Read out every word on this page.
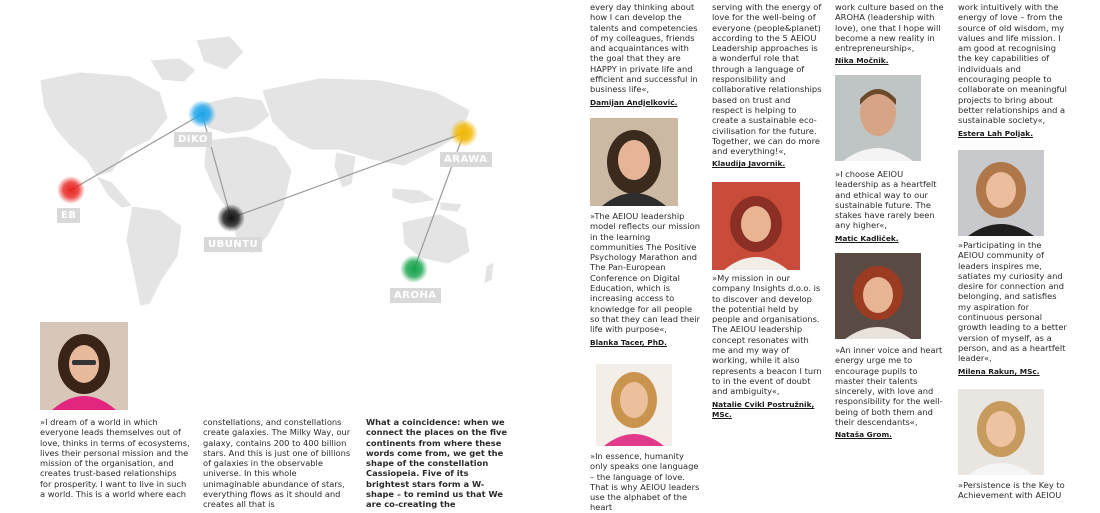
EB
DIKO
UBUNTU
ARAWA
AROHA

»I dream of a world in which everyone leads themselves out of love, thinks in terms of ecosystems, lives their personal mission and the mission of the organisation, and creates trust-based relationships for prosperity. I want to live in such a world. This is a world where each

constellations, and constellations create galaxies. The Milky Way, our galaxy, contains 200 to 400 billion stars. And this is just one of billions of galaxies in the observable universe. In this whole unimaginable abundance of stars, everything flows as it should and creates all that is

What a coincidence: when we connect the places on the five continents from where these words come from, we get the shape of the constellation Cassiopeia. Five of its brightest stars form a W-shape – to remind us that We are co-creating the

every day thinking about how I can develop the talents and competencies of my colleagues, friends and acquaintances with the goal that they are HAPPY in private life and efficient and successful in business life«,

Damijan Andjelković.

»The AEIOU leadership model reflects our mission in the learning communities The Positive Psychology Marathon and The Pan-European Conference on Digital Education, which is increasing access to knowledge for all people so that they can lead their life with purpose«,

Blanka Tacer, PhD.

»In essence, humanity only speaks one language – the language of love. That is why AEIOU leaders use the alphabet of the heart

serving with the energy of love for the well-being of everyone (people&planet) according to the 5 AEIOU Leadership approaches is a wonderful role that through a language of responsibility and collaborative relationships based on trust and respect is helping to create a sustainable eco-civilisation for the future. Together, we can do more and everything!«,

Klaudija Javornik.

»My mission in our company Insights d.o.o. is to discover and develop the potential held by people and organisations. The AEIOU leadership concept resonates with me and my way of working, while it also represents a beacon I turn to in the event of doubt and ambiguity«,

Natalie Cvikl Postružnik, MSc.

work culture based on the AROHA (leadership with love), one that I hope will become a new reality in entrepreneurship«,

Nika Močnik.

»I choose AEIOU leadership as a heartfelt and ethical way to our sustainable future. The stakes have rarely been any higher«,

Matic Kadliček.

»An inner voice and heart energy urge me to encourage pupils to master their talents sincerely, with love and responsibility for the well-being of both them and their descendants«,

Nataša Grom.

work intuitively with the energy of love – from the source of old wisdom, my values and life mission. I am good at recognising the key capabilities of individuals and encouraging people to collaborate on meaningful projects to bring about better relationships and a sustainable society«,

Estera Lah Poljak.

»Participating in the AEIOU community of leaders inspires me, satiates my curiosity and desire for connection and belonging, and satisfies my aspiration for continuous personal growth leading to a better version of myself, as a person, and as a heartfelt leader«,

Milena Rakun, MSc.

»Persistence is the Key to Achievement with AEIOU
